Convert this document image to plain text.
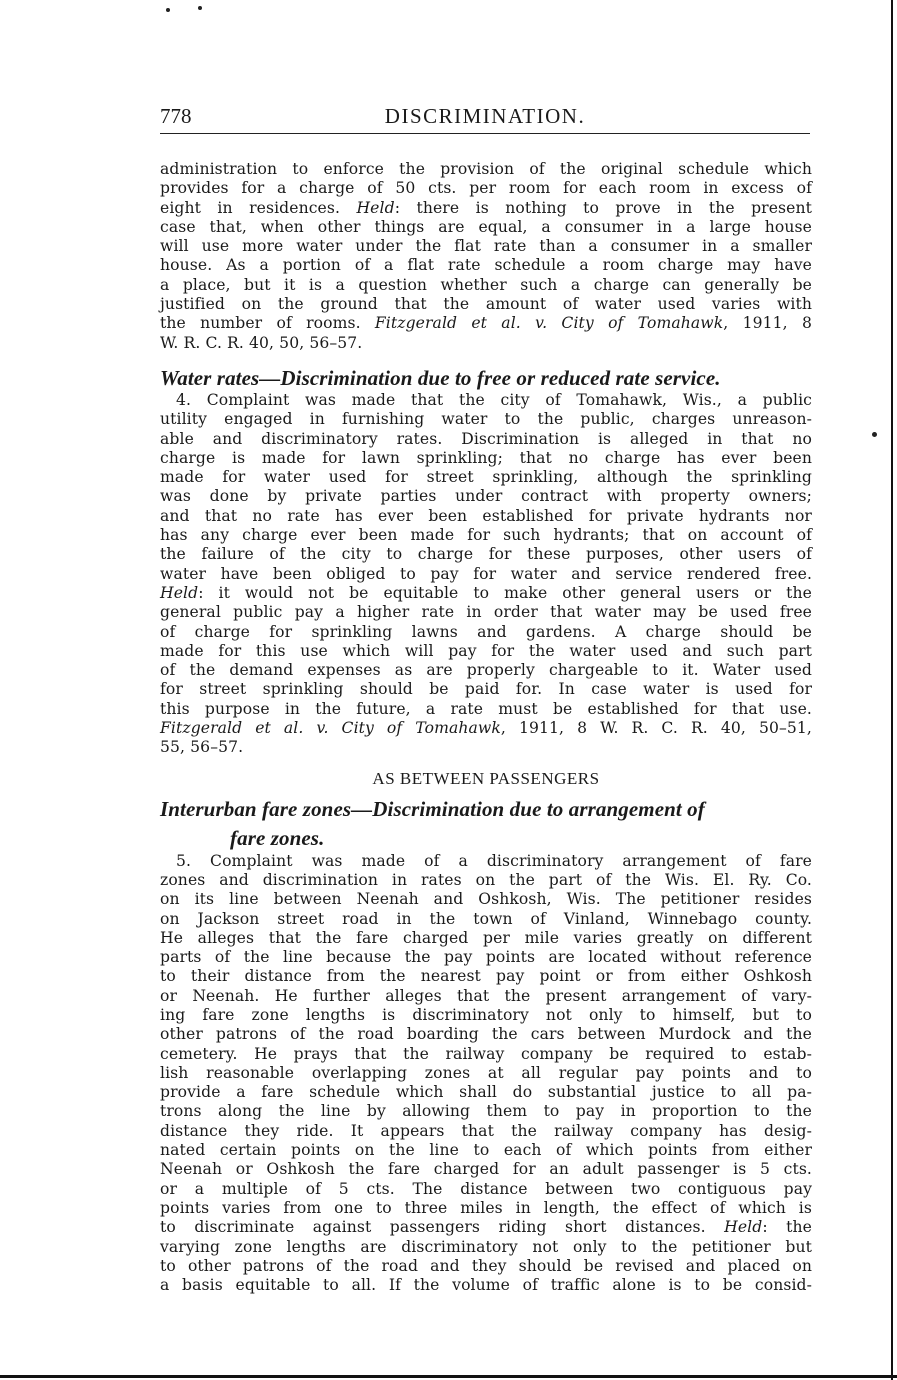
778	DISCRIMINATION.

administration to enforce the provision of the original schedule which

provides for a charge of 50 cts. per room for each room in excess of

eight in residences. Held: there is nothing to prove in the present

case that, when other things are equal, a consumer in a large house

will use more water under the flat rate than a consumer in a smaller

house. As a portion of a flat rate schedule a room charge may have

a place, but it is a question whether such a charge can generally be

justified on the ground that the amount of water used varies with

the number of rooms. Fitzgerald et al. v. City of Tomahawk, 1911, 8

W. R. C. R. 40, 50, 56–57.

Water rates—Discrimination due to free or reduced rate service.

4. Complaint was made that the city of Tomahawk, Wis., a public

utility engaged in furnishing water to the public, charges unreason-

able and discriminatory rates. Discrimination is alleged in that no

charge is made for lawn sprinkling; that no charge has ever been

made for water used for street sprinkling, although the sprinkling

was done by private parties under contract with property owners;

and that no rate has ever been established for private hydrants nor

has any charge ever been made for such hydrants; that on account of

the failure of the city to charge for these purposes, other users of

water have been obliged to pay for water and service rendered free.

Held: it would not be equitable to make other general users or the

general public pay a higher rate in order that water may be used free

of charge for sprinkling lawns and gardens. A charge should be

made for this use which will pay for the water used and such part

of the demand expenses as are properly chargeable to it. Water used

for street sprinkling should be paid for. In case water is used for

this purpose in the future, a rate must be established for that use.

Fitzgerald et al. v. City of Tomahawk, 1911, 8 W. R. C. R. 40, 50–51,

55, 56–57.

AS BETWEEN PASSENGERS
Interurban fare zones—Discrimination due to arrangement of
fare zones.

5. Complaint was made of a discriminatory arrangement of fare

zones and discrimination in rates on the part of the Wis. El. Ry. Co.

on its line between Neenah and Oshkosh, Wis. The petitioner resides

on Jackson street road in the town of Vinland, Winnebago county.

He alleges that the fare charged per mile varies greatly on different

parts of the line because the pay points are located without reference

to their distance from the nearest pay point or from either Oshkosh

or Neenah. He further alleges that the present arrangement of vary-

ing fare zone lengths is discriminatory not only to himself, but to

other patrons of the road boarding the cars between Murdock and the

cemetery. He prays that the railway company be required to estab-

lish reasonable overlapping zones at all regular pay points and to

provide a fare schedule which shall do substantial justice to all pa-

trons along the line by allowing them to pay in proportion to the

distance they ride. It appears that the railway company has desig-

nated certain points on the line to each of which points from either

Neenah or Oshkosh the fare charged for an adult passenger is 5 cts.

or a multiple of 5 cts. The distance between two contiguous pay

points varies from one to three miles in length, the effect of which is

to discriminate against passengers riding short distances. Held: the

varying zone lengths are discriminatory not only to the petitioner but

to other patrons of the road and they should be revised and placed on

a basis equitable to all. If the volume of traffic alone is to be consid-
